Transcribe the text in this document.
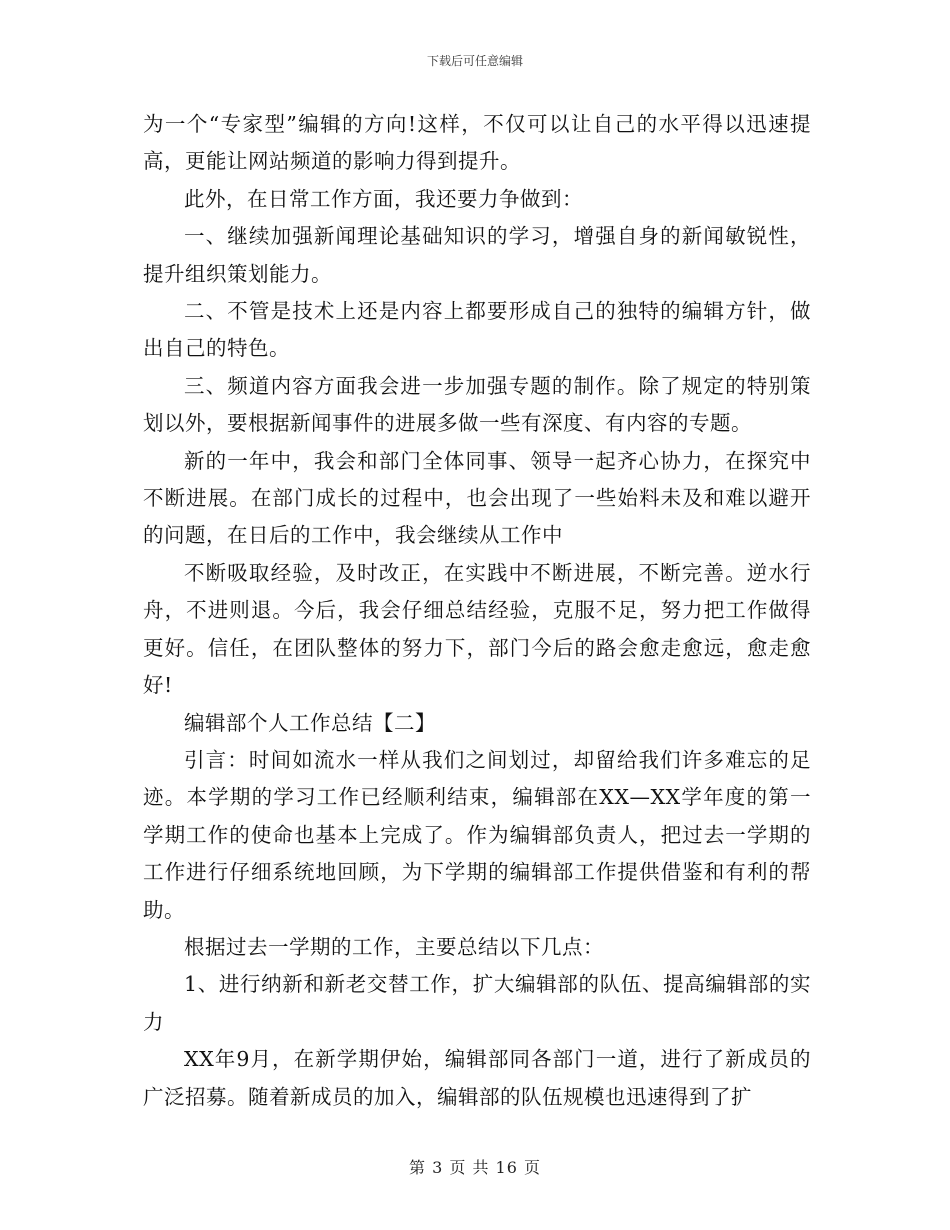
下载后可任意编辑

为一个“专家型”编辑的方向!这样，不仅可以让自己的水平得以迅速提高，更能让网站频道的影响力得到提升。

此外，在日常工作方面，我还要力争做到：

一、继续加强新闻理论基础知识的学习，增强自身的新闻敏锐性，提升组织策划能力。

二、不管是技术上还是内容上都要形成自己的独特的编辑方针，做出自己的特色。

三、频道内容方面我会进一步加强专题的制作。除了规定的特别策划以外，要根据新闻事件的进展多做一些有深度、有内容的专题。

新的一年中，我会和部门全体同事、领导一起齐心协力，在探究中不断进展。在部门成长的过程中，也会出现了一些始料未及和难以避开的问题，在日后的工作中，我会继续从工作中

不断吸取经验，及时改正，在实践中不断进展，不断完善。逆水行舟，不进则退。今后，我会仔细总结经验，克服不足，努力把工作做得更好。信任，在团队整体的努力下，部门今后的路会愈走愈远，愈走愈好!

编辑部个人工作总结【二】

引言：时间如流水一样从我们之间划过，却留给我们许多难忘的足迹。本学期的学习工作已经顺利结束，编辑部在XX—XX学年度的第一学期工作的使命也基本上完成了。作为编辑部负责人，把过去一学期的工作进行仔细系统地回顾，为下学期的编辑部工作提供借鉴和有利的帮助。

根据过去一学期的工作，主要总结以下几点：

1、进行纳新和新老交替工作，扩大编辑部的队伍、提高编辑部的实力

XX年9月，在新学期伊始，编辑部同各部门一道，进行了新成员的广泛招募。随着新成员的加入，编辑部的队伍规模也迅速得到了扩

第 3 页 共 16 页
